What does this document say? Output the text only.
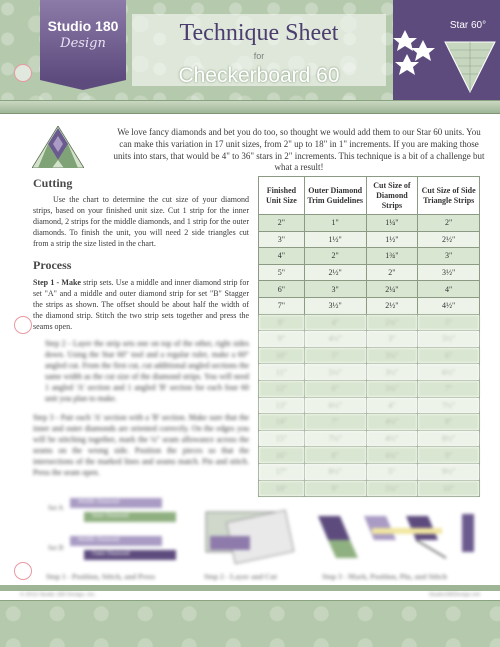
Studio 180
Design	Technique Sheet
for
Checkerboard 60
Star 60°
We love fancy diamonds and bet you do too, so thought we would add them to our Star 60 units. You can make this variation in 17 unit sizes, from 2" up to 18" in 1" increments. If you are making those units into stars, that would be 4" to 36" stars in 2" increments. This technique is a bit of a challenge but what a result!
Cutting
Use the chart to determine the cut size of your diamond strips, based on your finished unit size. Cut 1 strip for the inner diamond, 2 strips for the middle diamonds, and 1 strip for the outer diamonds. To finish the unit, you will need 2 side triangles cut from a strip the size listed in the chart.
Process
Step 1 - Make strip sets. Use a middle and inner diamond strip for set "A" and a middle and outer diamond strip for set "B" Stagger the strips as shown. The offset should be about half the width of the diamond strip. Stitch the two strip sets together and press the seams open.
Step 2 - Layer the strip sets one on top of the other, right sides down. Using the Star 60" tool and a regular ruler, make a 60° angled cut. From the first cut, cut additional angled sections the same width as the cut size of the diamond strips. You will need 1 angled 'A' section and 1 angled 'B' section for each four 60 unit you plan to make.
Step 3 - Pair each 'A' section with a 'B' section. Make sure that the inner and outer diamonds are oriented correctly. On the edges you will be stitching together, mark the ¼" seam allowance across the seams on the wrong side. Position the pieces so that the intersections of the marked lines and seams match. Pin and stitch. Press the seam open.
Finished Unit Size	Outer Diamond Trim Guidelines	Cut Size of Diamond Strips	Cut Size of Side Triangle Strips
2"	1"	1¼"	2"
3"	1½"	1½"	2½"
4"	2"	1¾"	3"
5"	2½"	2"	3½"
6"	3"	2¼"	4"
7"	3½"	2½"	4½"
8"	4"	2¾"	5"
9"	4½"	3"	5½"
10"	5"	3¼"	6"
11"	5½"	3½"	6½"
12"	6"	3¾"	7"
13"	6½"	4"	7½"
14"	7"	4¼"	8"
15"	7½"	4½"	8½"
16"	8"	4¾"	9"
17"	8½"	5"	9½"
18"	9"	5¼"	10"
Set A
Set B
Middle Diamond
Inner Diamond
Middle Diamond
Outer Diamond
Step 1 - Position, Stitch, and Press	Step 2 - Layer and Cut	Step 3 - Mark, Position, Pin, and Stitch
© 2013 Studio 180 Design, Inc.	Studio180Design.net
